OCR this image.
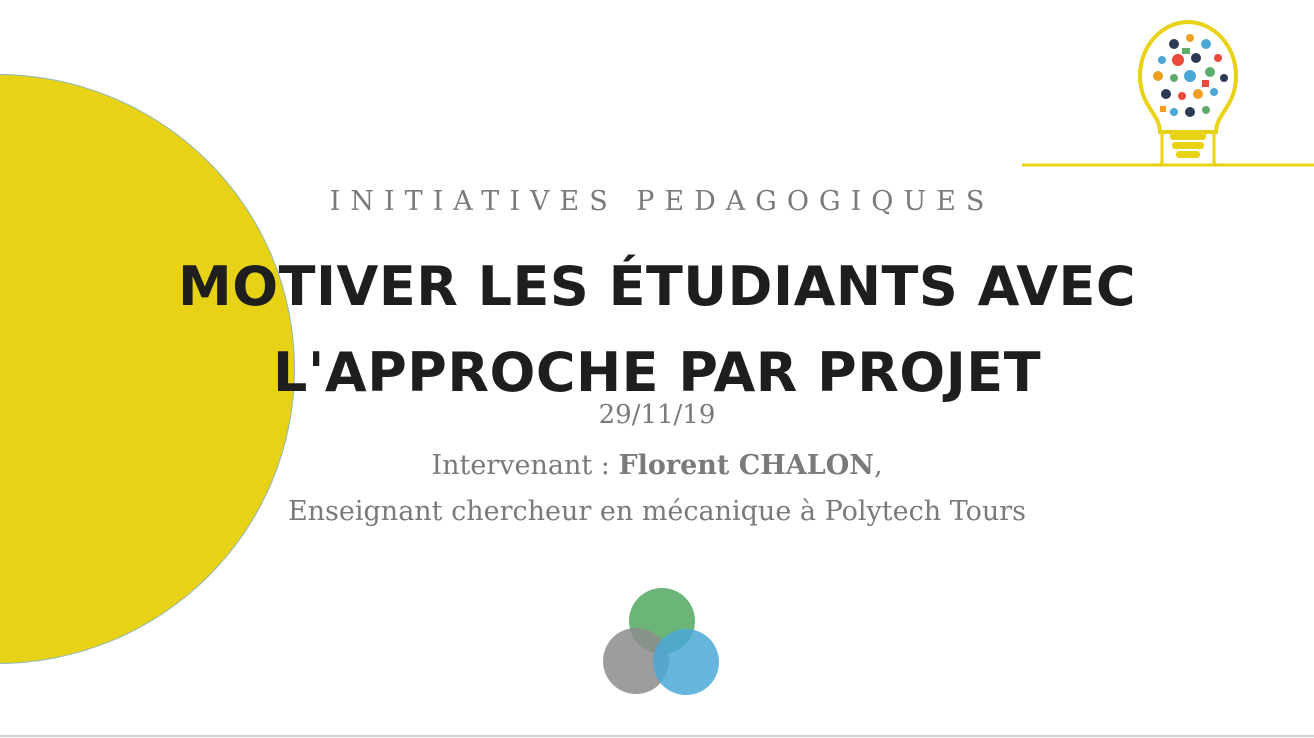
INITIATIVES PEDAGOGIQUES
MOTIVER LES ÉTUDIANTS AVEC
L'APPROCHE PAR PROJET
29/11/19
Intervenant : Florent CHALON,
Enseignant chercheur en mécanique à Polytech Tours
